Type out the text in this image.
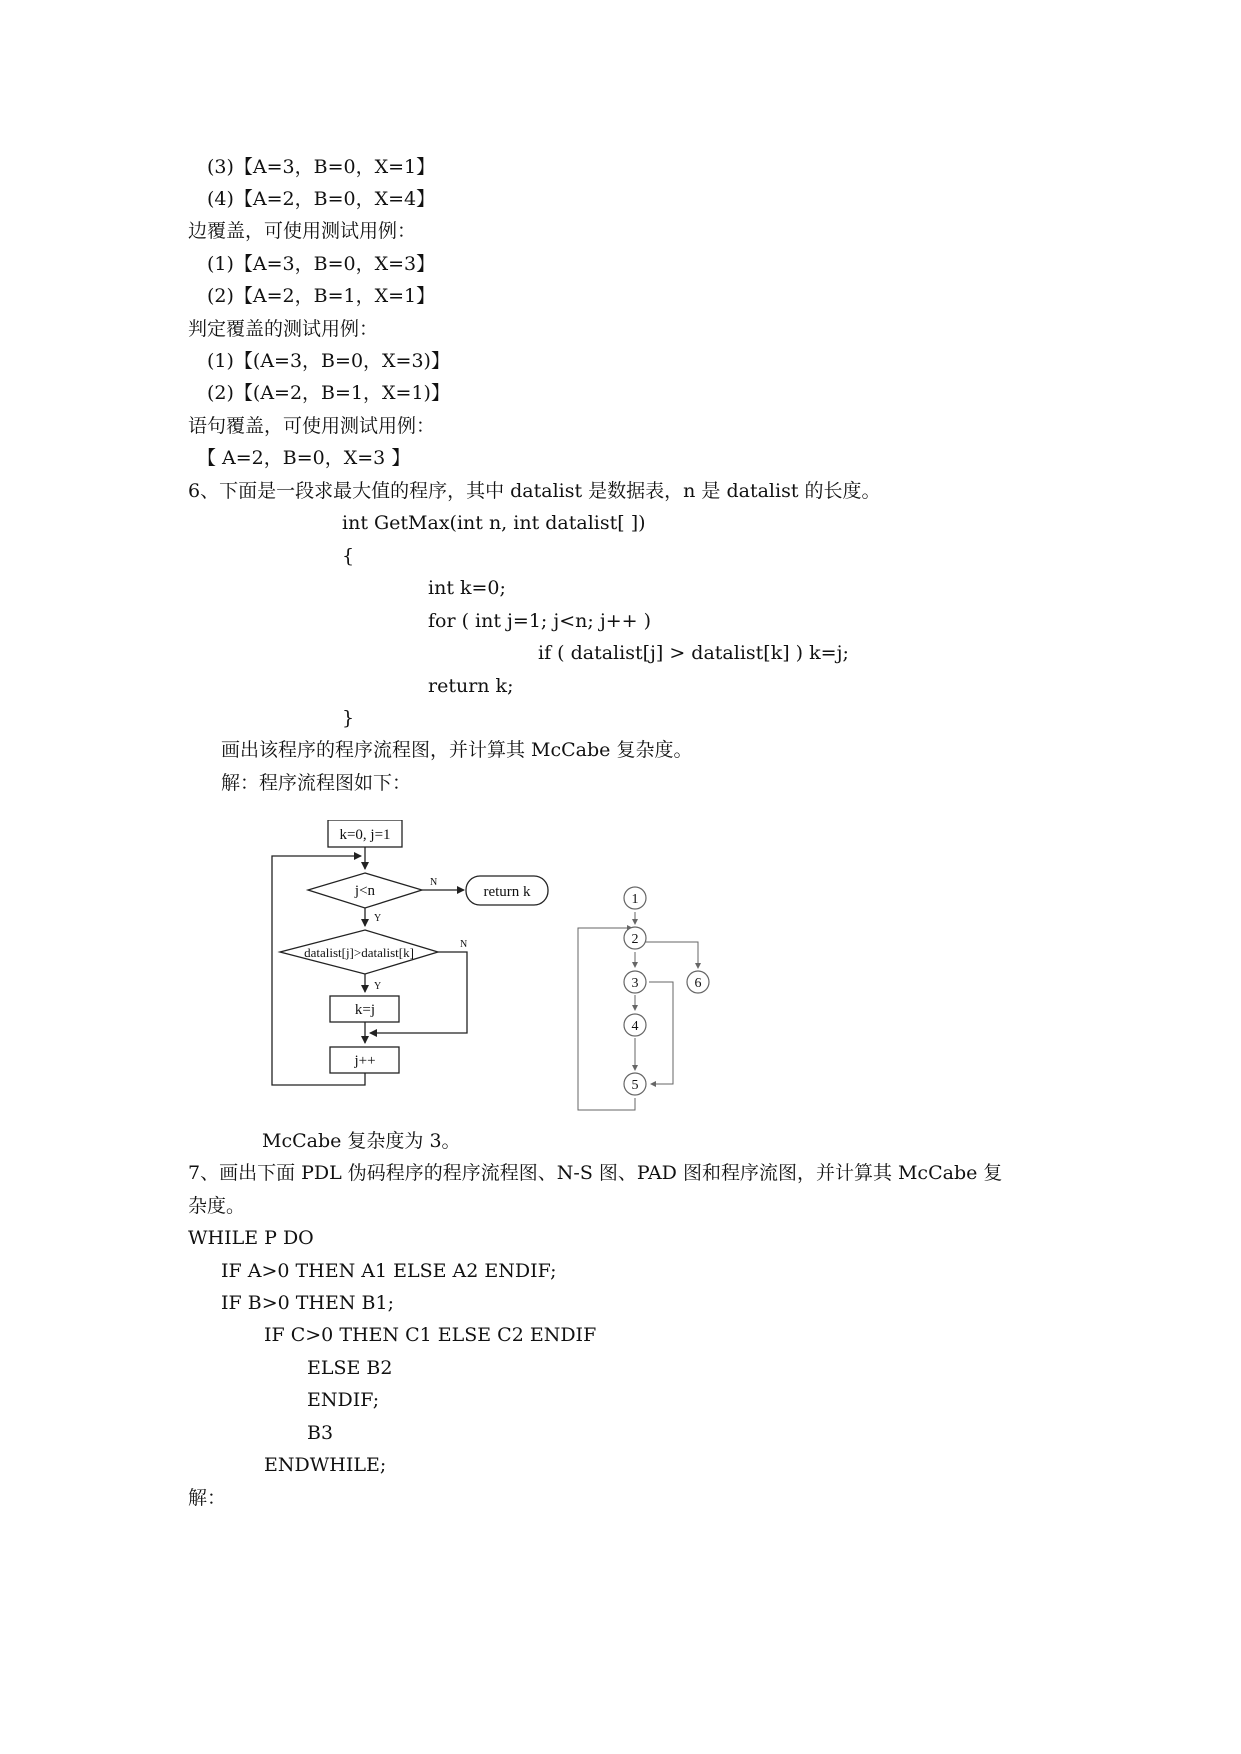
(3)【A=3，B=0，X=1】
(4)【A=2，B=0，X=4】
边覆盖，可使用测试用例：
(1)【A=3，B=0，X=3】
(2)【A=2，B=1，X=1】
判定覆盖的测试用例：
(1)【(A=3，B=0，X=3)】
(2)【(A=2，B=1，X=1)】
语句覆盖，可使用测试用例：
【 A=2，B=0，X=3 】
6、下面是一段求最大值的程序，其中 datalist 是数据表，n 是 datalist 的长度。
int GetMax(int n, int datalist[ ])
{
int k=0;
for ( int j=1; j<n; j++ )
if ( datalist[j] > datalist[k] ) k=j;
return k;
}
画出该程序的程序流程图，并计算其 McCabe 复杂度。
解：程序流程图如下：
k=0, j=1
j<n	return k
datalist[j]>datalist[k]
k=j
j++
N
Y
N
Y
1
2
3
4
5
6
McCabe 复杂度为 3。
7、画出下面 PDL 伪码程序的程序流程图、N-S 图、PAD 图和程序流图，并计算其 McCabe 复
杂度。
WHILE P DO
IF A>0 THEN A1 ELSE A2 ENDIF;
IF B>0 THEN B1;
IF C>0 THEN C1 ELSE C2 ENDIF
ELSE B2
ENDIF;
B3
ENDWHILE;
解：
